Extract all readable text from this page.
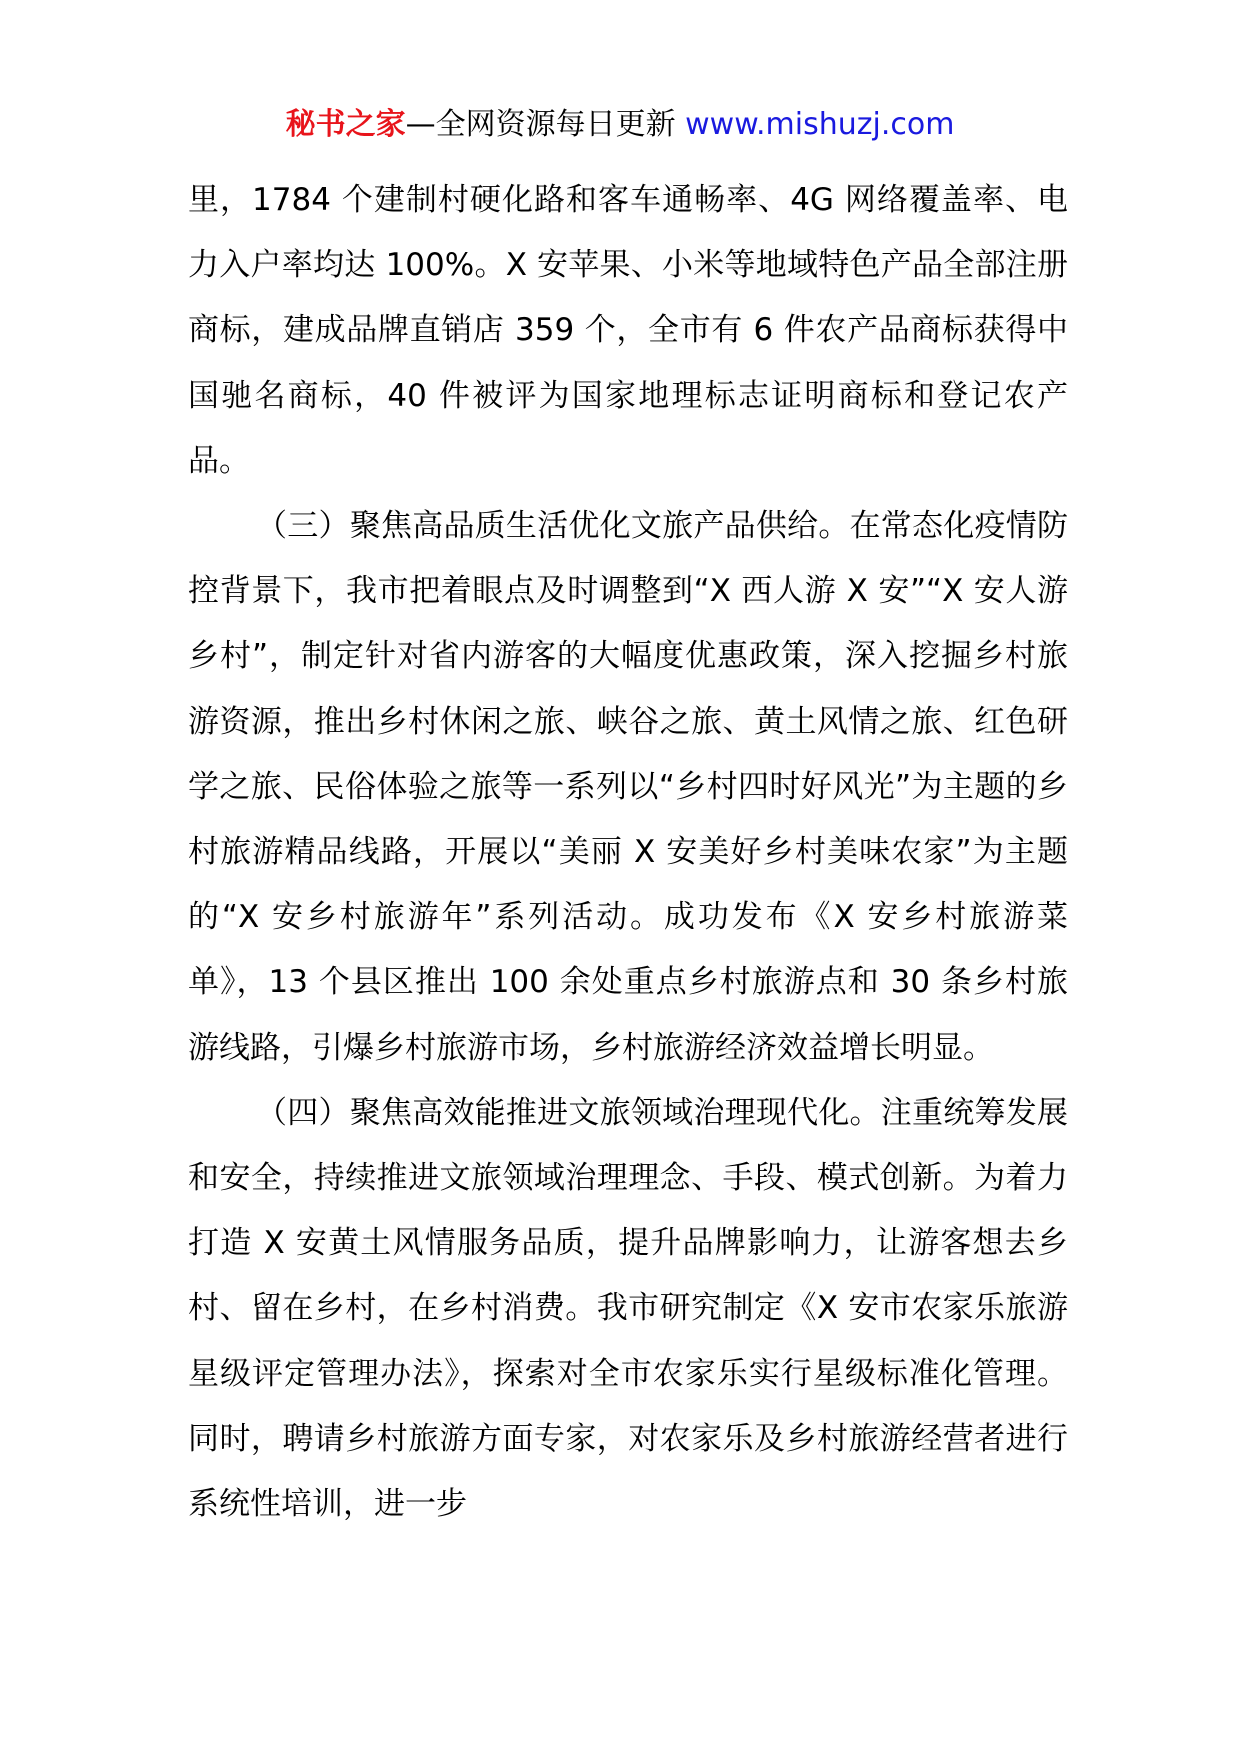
秘书之家—全网资源每日更新 www.mishuzj.com

里，1784 个建制村硬化路和客车通畅率、4G 网络覆盖率、电力入户率均达 100%。X 安苹果、小米等地域特色产品全部注册商标，建成品牌直销店 359 个，全市有 6 件农产品商标获得中国驰名商标，40 件被评为国家地理标志证明商标和登记农产品。

（三）聚焦高品质生活优化文旅产品供给。在常态化疫情防控背景下，我市把着眼点及时调整到“X 西人游 X 安”“X 安人游乡村”，制定针对省内游客的大幅度优惠政策，深入挖掘乡村旅游资源，推出乡村休闲之旅、峡谷之旅、黄土风情之旅、红色研学之旅、民俗体验之旅等一系列以“乡村四时好风光”为主题的乡村旅游精品线路，开展以“美丽 X 安美好乡村美味农家”为主题的“X 安乡村旅游年”系列活动。成功发布《X 安乡村旅游菜单》，13 个县区推出 100 余处重点乡村旅游点和 30 条乡村旅游线路，引爆乡村旅游市场，乡村旅游经济效益增长明显。

（四）聚焦高效能推进文旅领域治理现代化。注重统筹发展和安全，持续推进文旅领域治理理念、手段、模式创新。为着力打造 X 安黄土风情服务品质，提升品牌影响力，让游客想去乡村、留在乡村，在乡村消费。我市研究制定《X 安市农家乐旅游星级评定管理办法》，探索对全市农家乐实行星级标准化管理。同时，聘请乡村旅游方面专家，对农家乐及乡村旅游经营者进行系统性培训，进一步
